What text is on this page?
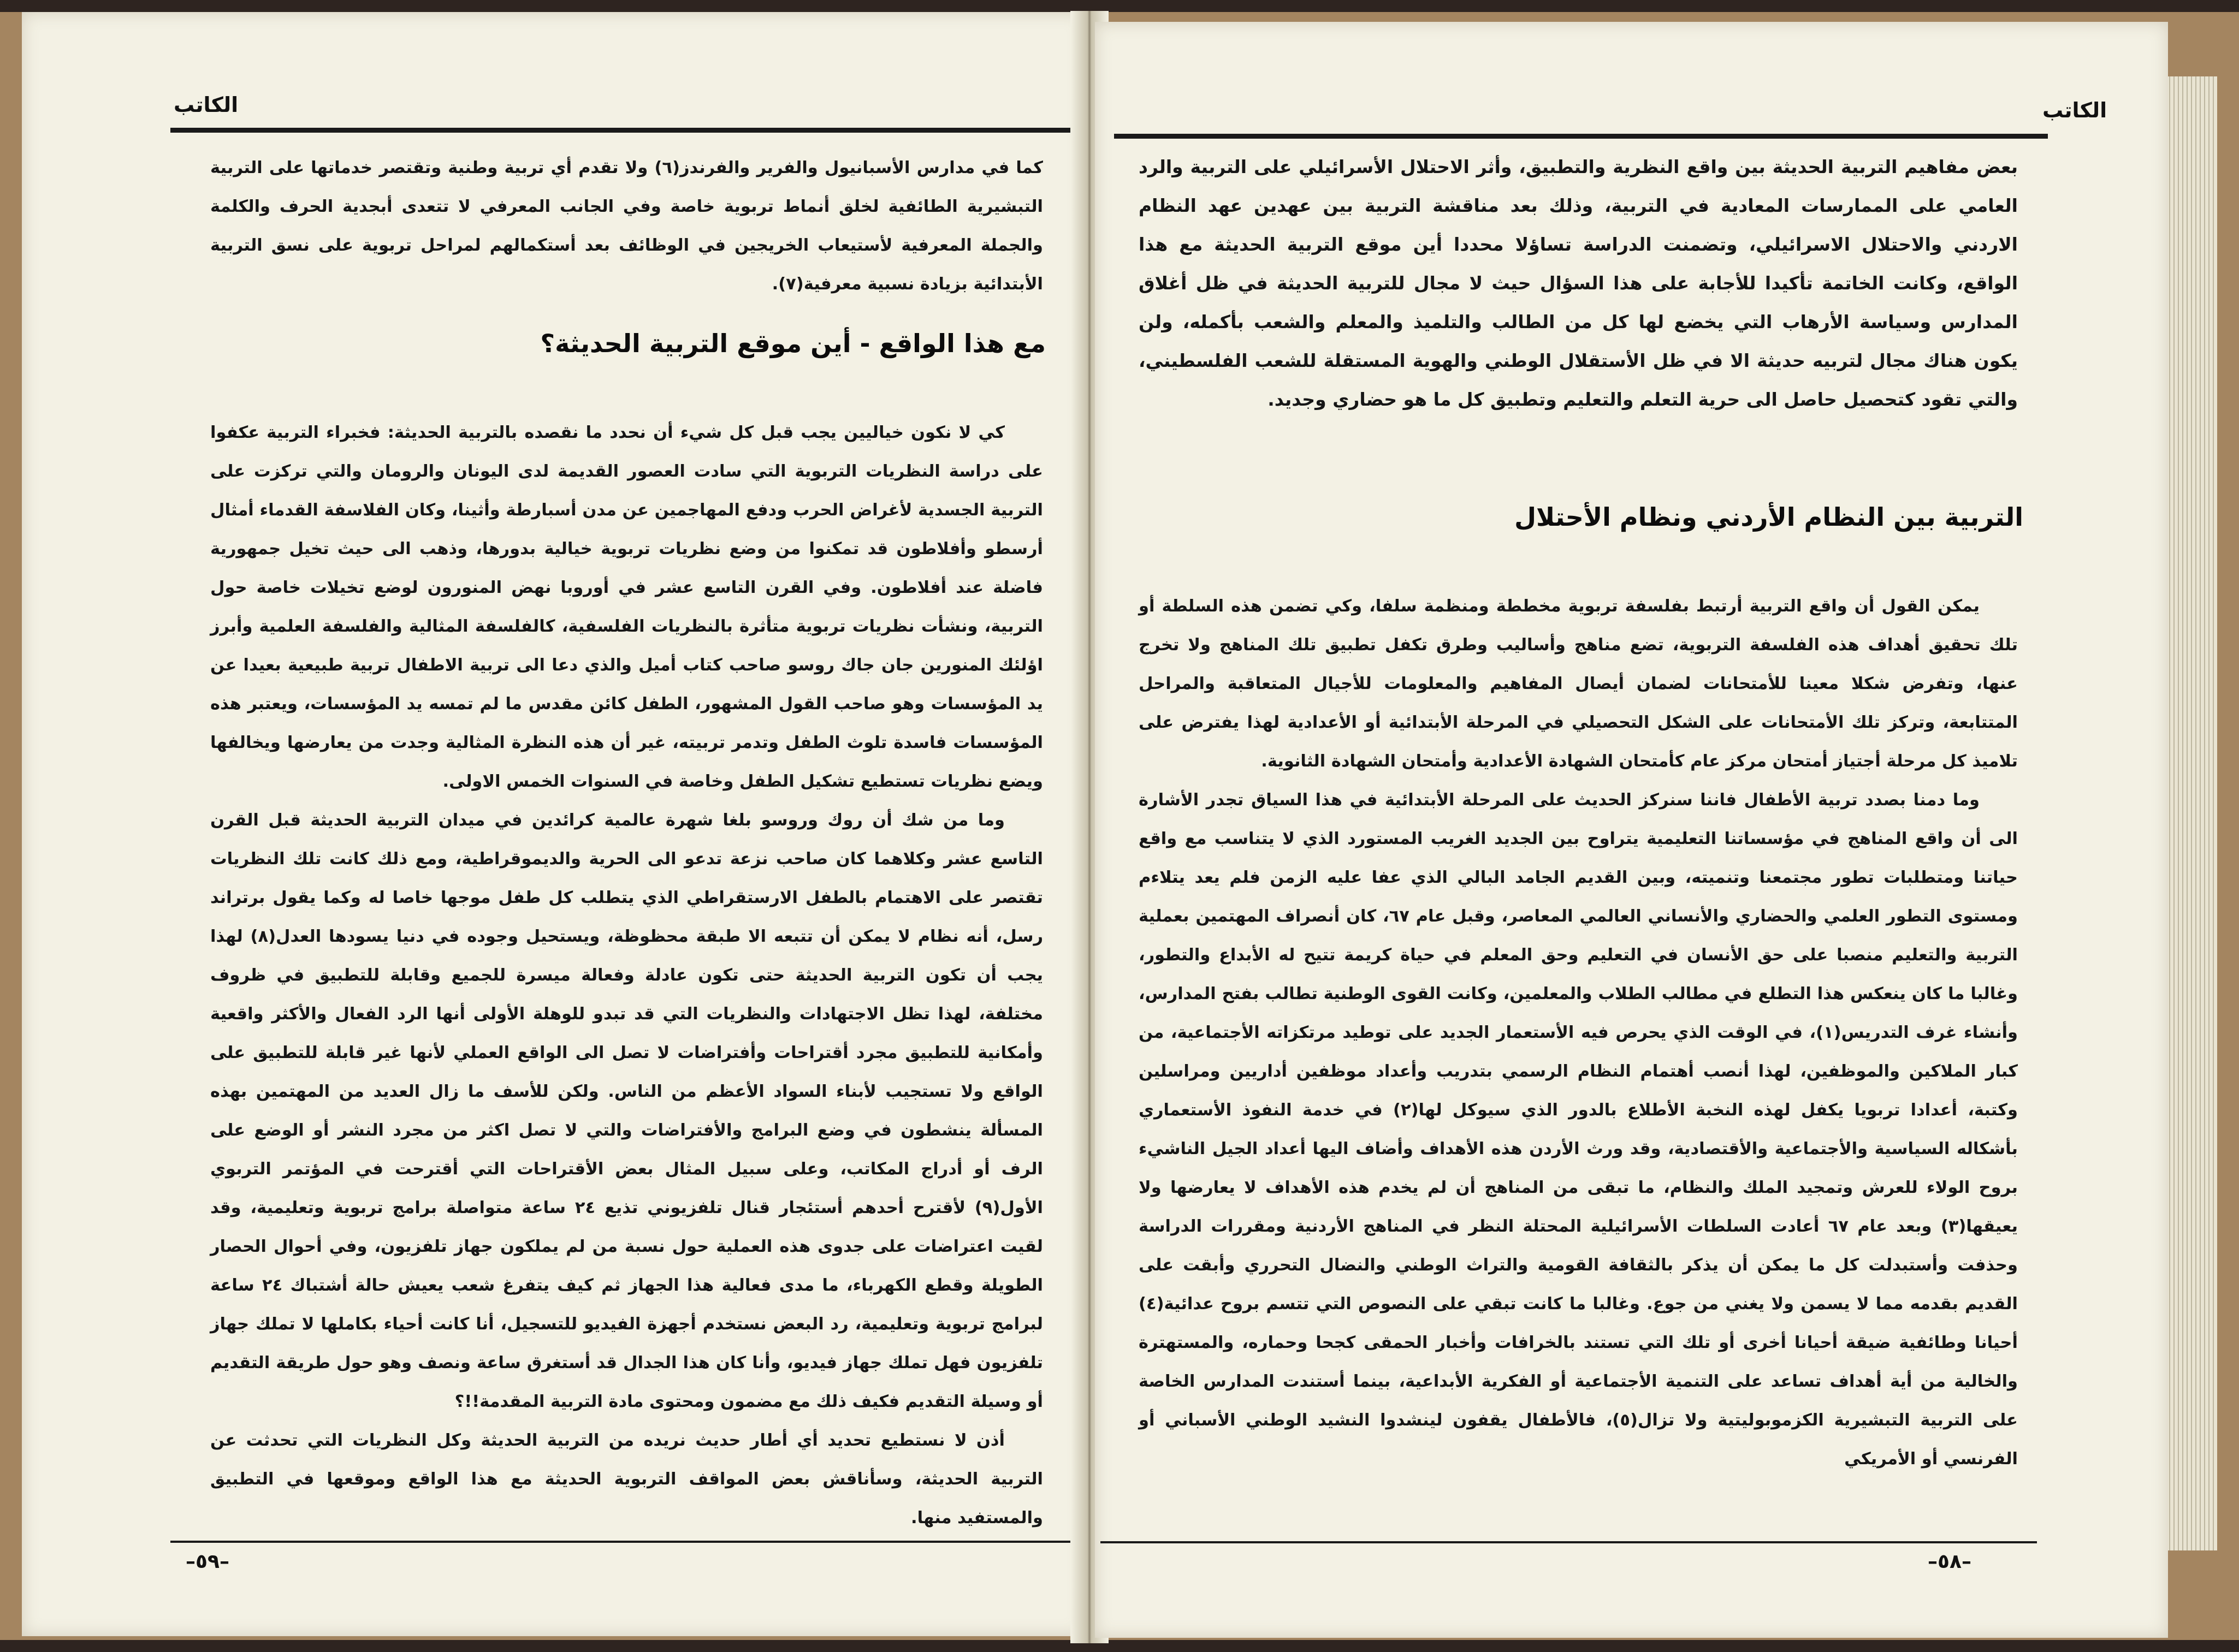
الكاتب

كما في مدارس الأسبانيول والفرير والفرندز(٦) ولا تقدم أي تربية وطنية وتقتصر خدماتها على التربية التبشيرية الطائفية لخلق أنماط تربوية خاصة وفي الجانب المعرفي لا تتعدى أبجدية الحرف والكلمة والجملة المعرفية لأستيعاب الخريجين في الوظائف بعد أستكمالهم لمراحل تربوية على نسق التربية الأبتدائية بزيادة نسبية معرفية(٧).

مع هذا الواقع - أين موقع التربية الحديثة؟

كي لا نكون خياليين يجب قبل كل شيء أن نحدد ما نقصده بالتربية الحديثة: فخبراء التربية عكفوا على دراسة النظريات التربوية التي سادت العصور القديمة لدى اليونان والرومان والتي تركزت على التربية الجسدية لأغراض الحرب ودفع المهاجمين عن مدن أسبارطة وأثينا، وكان الفلاسفة القدماء أمثال أرسطو وأفلاطون قد تمكنوا من وضع نظريات تربوية خيالية بدورها، وذهب الى حيث تخيل جمهورية فاضلة عند أفلاطون. وفي القرن التاسع عشر في أوروبا نهض المنورون لوضع تخيلات خاصة حول التربية، ونشأت نظريات تربوية متأثرة بالنظريات الفلسفية، كالفلسفة المثالية والفلسفة العلمية وأبرز اؤلئك المنورين جان جاك روسو صاحب كتاب أميل والذي دعا الى تربية الاطفال تربية طبيعية بعيدا عن يد المؤسسات وهو صاحب القول المشهور، الطفل كائن مقدس ما لم تمسه يد المؤسسات، ويعتبر هذه المؤسسات فاسدة تلوث الطفل وتدمر تربيته، غير أن هذه النظرة المثالية وجدت من يعارضها ويخالفها ويضع نظريات تستطيع تشكيل الطفل وخاصة في السنوات الخمس الاولى.

وما من شك أن روك وروسو بلغا شهرة عالمية كرائدين في ميدان التربية الحديثة قبل القرن التاسع عشر وكلاهما كان صاحب نزعة تدعو الى الحرية والديموقراطية، ومع ذلك كانت تلك النظريات تقتصر على الاهتمام بالطفل الارستقراطي الذي يتطلب كل طفل موجها خاصا له وكما يقول برتراند رسل، أنه نظام لا يمكن أن تتبعه الا طبقة محظوظة، ويستحيل وجوده في دنيا يسودها العدل(٨) لهذا يجب أن تكون التربية الحديثة حتى تكون عادلة وفعالة ميسرة للجميع وقابلة للتطبيق في ظروف مختلفة، لهذا تظل الاجتهادات والنظريات التي قد تبدو للوهلة الأولى أنها الرد الفعال والأكثر واقعية وأمكانية للتطبيق مجرد أقتراحات وأفتراضات لا تصل الى الواقع العملي لأنها غير قابلة للتطبيق على الواقع ولا تستجيب لأبناء السواد الأعظم من الناس. ولكن للأسف ما زال العديد من المهتمين بهذه المسألة ينشطون في وضع البرامج والأفتراضات والتي لا تصل اكثر من مجرد النشر أو الوضع على الرف أو أدراج المكاتب، وعلى سبيل المثال بعض الأقتراحات التي أقترحت في المؤتمر التربوي الأول(٩) لأقترح أحدهم أستئجار قنال تلفزيوني تذيع ٢٤ ساعة متواصلة برامج تربوية وتعليمية، وقد لقيت اعتراضات على جدوى هذه العملية حول نسبة من لم يملكون جهاز تلفزيون، وفي أحوال الحصار الطويلة وقطع الكهرباء، ما مدى فعالية هذا الجهاز ثم كيف يتفرغ شعب يعيش حالة أشتباك ٢٤ ساعة لبرامج تربوية وتعليمية، رد البعض نستخدم أجهزة الفيديو للتسجيل، أنا كانت أحياء بكاملها لا تملك جهاز تلفزيون فهل تملك جهاز فيديو، وأنا كان هذا الجدال قد أستغرق ساعة ونصف وهو حول طريقة التقديم أو وسيلة التقديم فكيف ذلك مع مضمون ومحتوى مادة التربية المقدمة!!؟

أذن لا نستطيع تحديد أي أطار حديث نريده من التربية الحديثة وكل النظريات التي تحدثت عن التربية الحديثة، وسأناقش بعض المواقف التربوية الحديثة مع هذا الواقع وموقعها في التطبيق والمستفيد منها.

–٥٩–
الكاتب

بعض مفاهيم التربية الحديثة بين واقع النظرية والتطبيق، وأثر الاحتلال الأسرائيلي على التربية والرد العامي على الممارسات المعادية في التربية، وذلك بعد مناقشة التربية بين عهدين عهد النظام الاردني والاحتلال الاسرائيلي، وتضمنت الدراسة تساؤلا محددا أين موقع التربية الحديثة مع هذا الواقع، وكانت الخاتمة تأكيدا للأجابة على هذا السؤال حيث لا مجال للتربية الحديثة في ظل أغلاق المدارس وسياسة الأرهاب التي يخضع لها كل من الطالب والتلميذ والمعلم والشعب بأكمله، ولن يكون هناك مجال لتربيه حديثة الا في ظل الأستقلال الوطني والهوية المستقلة للشعب الفلسطيني، والتي تقود كتحصيل حاصل الى حرية التعلم والتعليم وتطبيق كل ما هو حضاري وجديد.

التربية بين النظام الأردني ونظام الأحتلال

يمكن القول أن واقع التربية أرتبط بفلسفة تربوية مخططة ومنظمة سلفا، وكي تضمن هذه السلطة أو تلك تحقيق أهداف هذه الفلسفة التربوية، تضع مناهج وأساليب وطرق تكفل تطبيق تلك المناهج ولا تخرج عنها، وتفرض شكلا معينا للأمتحانات لضمان أيصال المفاهيم والمعلومات للأجيال المتعاقبة والمراحل المتتابعة، وتركز تلك الأمتحانات على الشكل التحصيلي في المرحلة الأبتدائية أو الأعدادية لهذا يفترض على تلاميذ كل مرحلة أجتياز أمتحان مركز عام كأمتحان الشهادة الأعدادية وأمتحان الشهادة الثانوية.

وما دمنا بصدد تربية الأطفال فاننا سنركز الحديث على المرحلة الأبتدائية في هذا السياق تجدر الأشارة الى أن واقع المناهج في مؤسساتنا التعليمية يتراوح بين الجديد الغريب المستورد الذي لا يتناسب مع واقع حياتنا ومتطلبات تطور مجتمعنا وتنميته، وبين القديم الجامد البالي الذي عفا عليه الزمن فلم يعد يتلاءم ومستوى التطور العلمي والحضاري والأنساني العالمي المعاصر، وقبل عام ٦٧، كان أنصراف المهتمين بعملية التربية والتعليم منصبا على حق الأنسان في التعليم وحق المعلم في حياة كريمة تتيح له الأبداع والتطور، وغالبا ما كان ينعكس هذا التطلع في مطالب الطلاب والمعلمين، وكانت القوى الوطنية تطالب بفتح المدارس، وأنشاء غرف التدريس(١)، في الوقت الذي يحرص فيه الأستعمار الجديد على توطيد مرتكزاته الأجتماعية، من كبار الملاكين والموظفين، لهذا أنصب أهتمام النظام الرسمي بتدريب وأعداد موظفين أداريين ومراسلين وكتبة، أعدادا تربويا يكفل لهذه النخبة الأطلاع بالدور الذي سيوكل لها(٢) في خدمة النفوذ الأستعماري بأشكاله السياسية والأجتماعية والأقتصادية، وقد ورث الأردن هذه الأهداف وأضاف اليها أعداد الجيل الناشيء بروح الولاء للعرش وتمجيد الملك والنظام، ما تبقى من المناهج أن لم يخدم هذه الأهداف لا يعارضها ولا يعيقها(٣) وبعد عام ٦٧ أعادت السلطات الأسرائيلية المحتلة النظر في المناهج الأردنية ومقررات الدراسة وحذفت وأستبدلت كل ما يمكن أن يذكر بالثقافة القومية والتراث الوطني والنضال التحرري وأبقت على القديم بقدمه مما لا يسمن ولا يغني من جوع. وغالبا ما كانت تبقي على النصوص التي تتسم بروح عدائية(٤) أحيانا وطائفية ضيقة أحيانا أخرى أو تلك التي تستند بالخرافات وأخبار الحمقى كجحا وحماره، والمستهترة والخالية من أية أهداف تساعد على التنمية الأجتماعية أو الفكرية الأبداعية، بينما أستندت المدارس الخاصة على التربية التبشيرية الكزموبوليتية ولا تزال(٥)، فالأطفال يقفون لينشدوا النشيد الوطني الأسباني أو الفرنسي أو الأمريكي

–٥٨–
